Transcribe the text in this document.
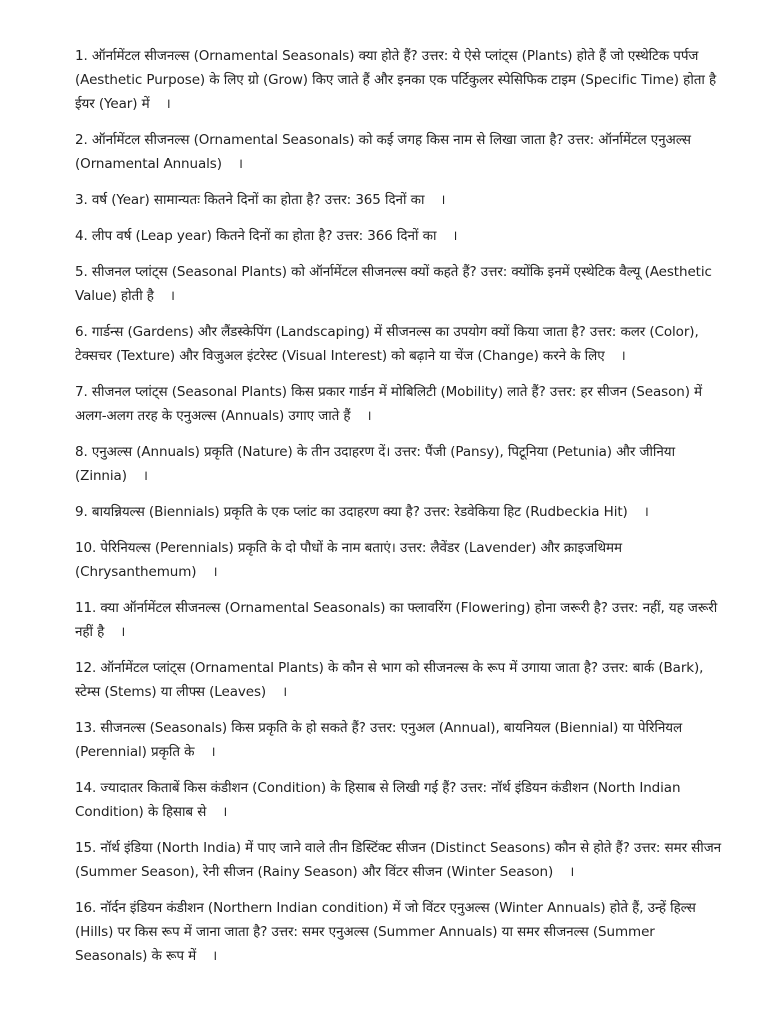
1. ऑर्नामेंटल सीजनल्स (Ornamental Seasonals) क्या होते हैं? उत्तर: ये ऐसे प्लांट्स (Plants) होते हैं जो एस्थेटिक पर्पज (Aesthetic Purpose) के लिए ग्रो (Grow) किए जाते हैं और इनका एक पर्टिकुलर स्पेसिफिक टाइम (Specific Time) होता है ईयर (Year) में ।
2. ऑर्नामेंटल सीजनल्स (Ornamental Seasonals) को कई जगह किस नाम से लिखा जाता है? उत्तर: ऑर्नामेंटल एनुअल्स (Ornamental Annuals) ।
3. वर्ष (Year) सामान्यतः कितने दिनों का होता है? उत्तर: 365 दिनों का ।
4. लीप वर्ष (Leap year) कितने दिनों का होता है? उत्तर: 366 दिनों का ।
5. सीजनल प्लांट्स (Seasonal Plants) को ऑर्नामेंटल सीजनल्स क्यों कहते हैं? उत्तर: क्योंकि इनमें एस्थेटिक वैल्यू (Aesthetic Value) होती है ।
6. गार्डन्स (Gardens) और लैंडस्केपिंग (Landscaping) में सीजनल्स का उपयोग क्यों किया जाता है? उत्तर: कलर (Color), टेक्सचर (Texture) और विजुअल इंटरेस्ट (Visual Interest) को बढ़ाने या चेंज (Change) करने के लिए ।
7. सीजनल प्लांट्स (Seasonal Plants) किस प्रकार गार्डन में मोबिलिटी (Mobility) लाते हैं? उत्तर: हर सीजन (Season) में अलग-अलग तरह के एनुअल्स (Annuals) उगाए जाते हैं ।
8. एनुअल्स (Annuals) प्रकृति (Nature) के तीन उदाहरण दें। उत्तर: पैंजी (Pansy), पिटूनिया (Petunia) और जीनिया (Zinnia) ।
9. बायन्नियल्स (Biennials) प्रकृति के एक प्लांट का उदाहरण क्या है? उत्तर: रेडवेकिया हिट (Rudbeckia Hit) ।
10. पेरिनियल्स (Perennials) प्रकृति के दो पौधों के नाम बताएं। उत्तर: लैवेंडर (Lavender) और क्राइजथिमम (Chrysanthemum) ।
11. क्या ऑर्नामेंटल सीजनल्स (Ornamental Seasonals) का फ्लावरिंग (Flowering) होना जरूरी है? उत्तर: नहीं, यह जरूरी नहीं है ।
12. ऑर्नामेंटल प्लांट्स (Ornamental Plants) के कौन से भाग को सीजनल्स के रूप में उगाया जाता है? उत्तर: बार्क (Bark), स्टेम्स (Stems) या लीफ्स (Leaves) ।
13. सीजनल्स (Seasonals) किस प्रकृति के हो सकते हैं? उत्तर: एनुअल (Annual), बायनियल (Biennial) या पेरिनियल (Perennial) प्रकृति के ।
14. ज्यादातर किताबें किस कंडीशन (Condition) के हिसाब से लिखी गई हैं? उत्तर: नॉर्थ इंडियन कंडीशन (North Indian Condition) के हिसाब से ।
15. नॉर्थ इंडिया (North India) में पाए जाने वाले तीन डिस्टिंक्ट सीजन (Distinct Seasons) कौन से होते हैं? उत्तर: समर सीजन (Summer Season), रेनी सीजन (Rainy Season) और विंटर सीजन (Winter Season) ।
16. नॉर्दन इंडियन कंडीशन (Northern Indian condition) में जो विंटर एनुअल्स (Winter Annuals) होते हैं, उन्हें हिल्स (Hills) पर किस रूप में जाना जाता है? उत्तर: समर एनुअल्स (Summer Annuals) या समर सीजनल्स (Summer Seasonals) के रूप में ।
